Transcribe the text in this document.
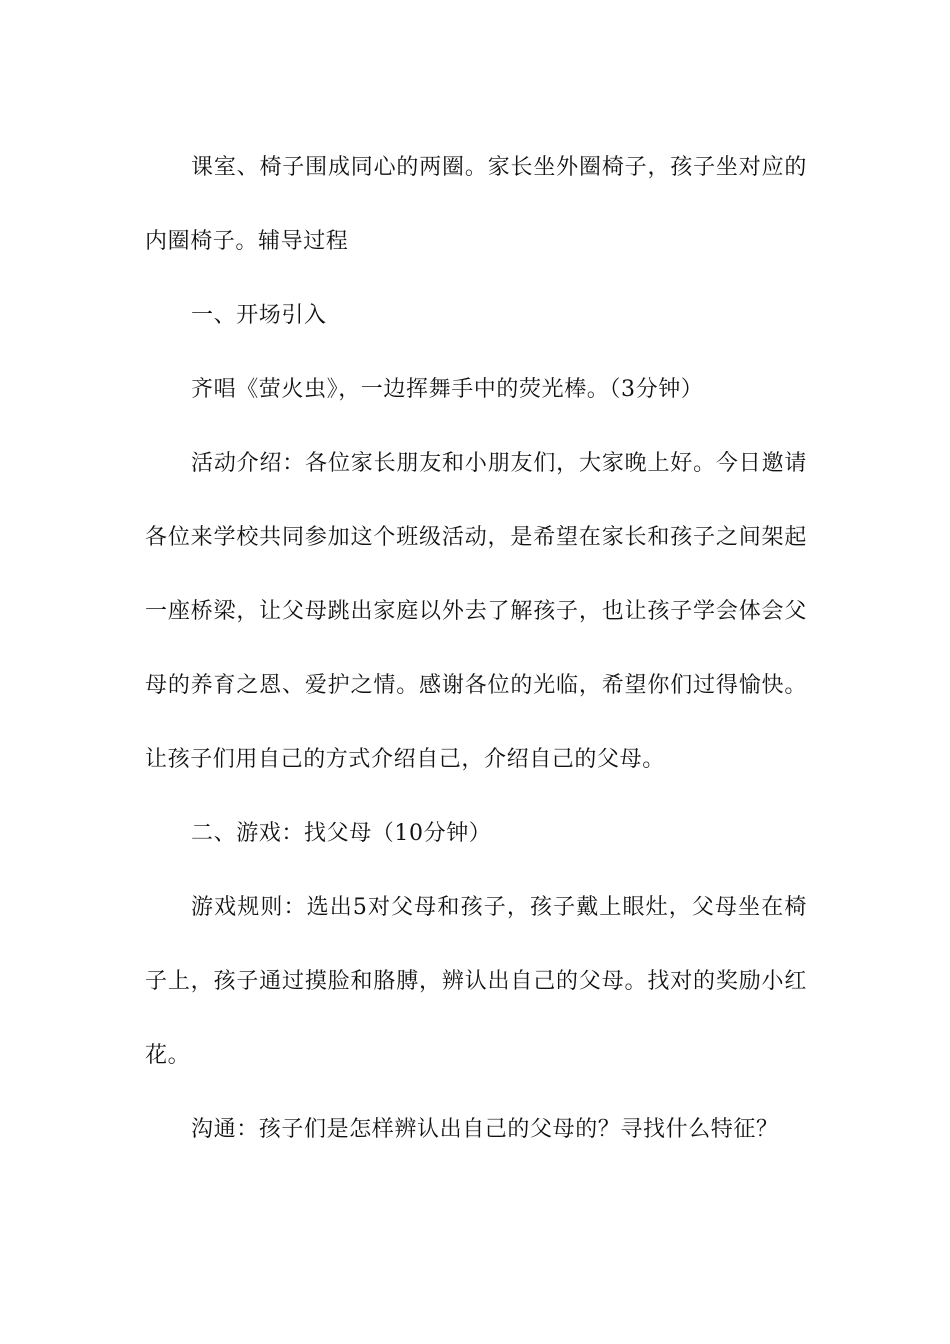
课室、椅子围成同心的两圈。家长坐外圈椅子，孩子坐对应的内圈椅子。辅导过程

一、开场引入

齐唱《萤火虫》，一边挥舞手中的荧光棒。（3分钟）

活动介绍：各位家长朋友和小朋友们，大家晚上好。今日邀请各位来学校共同参加这个班级活动，是希望在家长和孩子之间架起一座桥梁，让父母跳出家庭以外去了解孩子，也让孩子学会体会父母的养育之恩、爱护之情。感谢各位的光临，希望你们过得愉快。让孩子们用自己的方式介绍自己，介绍自己的父母。

二、游戏：找父母（10分钟）

游戏规则：选出5对父母和孩子，孩子戴上眼灶，父母坐在椅子上，孩子通过摸脸和胳膊，辨认出自己的父母。找对的奖励小红花。

沟通：孩子们是怎样辨认出自己的父母的？寻找什么特征？
